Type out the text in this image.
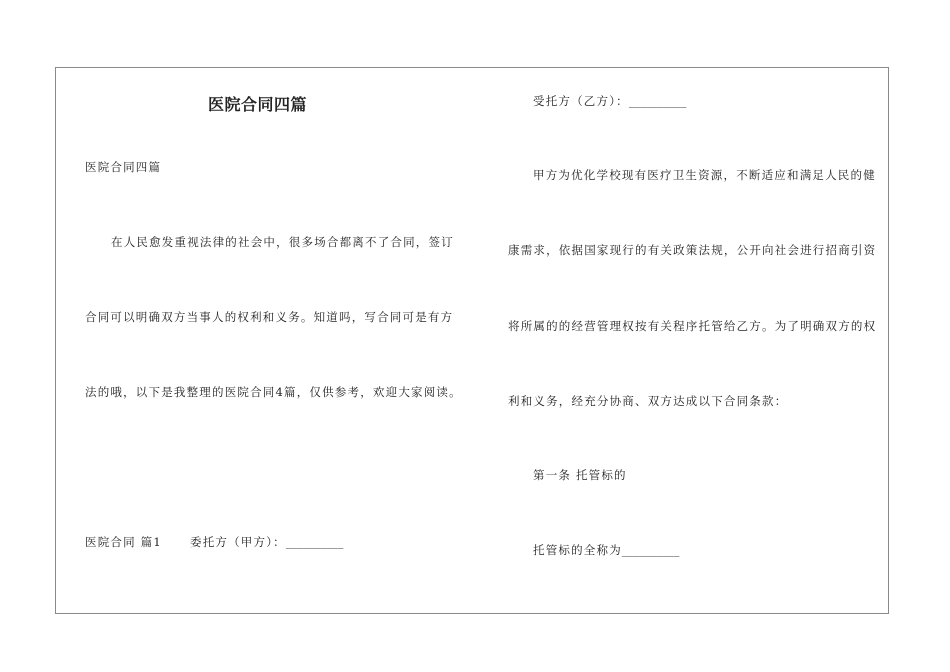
医院合同四篇
医院合同四篇
在人民愈发重视法律的社会中，很多场合都离不了合同，签订
合同可以明确双方当事人的权利和义务。知道吗，写合同可是有方
法的哦，以下是我整理的医院合同4篇，仅供参考，欢迎大家阅读。
医院合同 篇1 委托方（甲方）：__________
受托方（乙方）：__________
甲方为优化学校现有医疗卫生资源，不断适应和满足人民的健
康需求，依据国家现行的有关政策法规，公开向社会进行招商引资
将所属的的经营管理权按有关程序托管给乙方。为了明确双方的权
利和义务，经充分协商、双方达成以下合同条款：
第一条 托管标的
托管标的全称为__________
